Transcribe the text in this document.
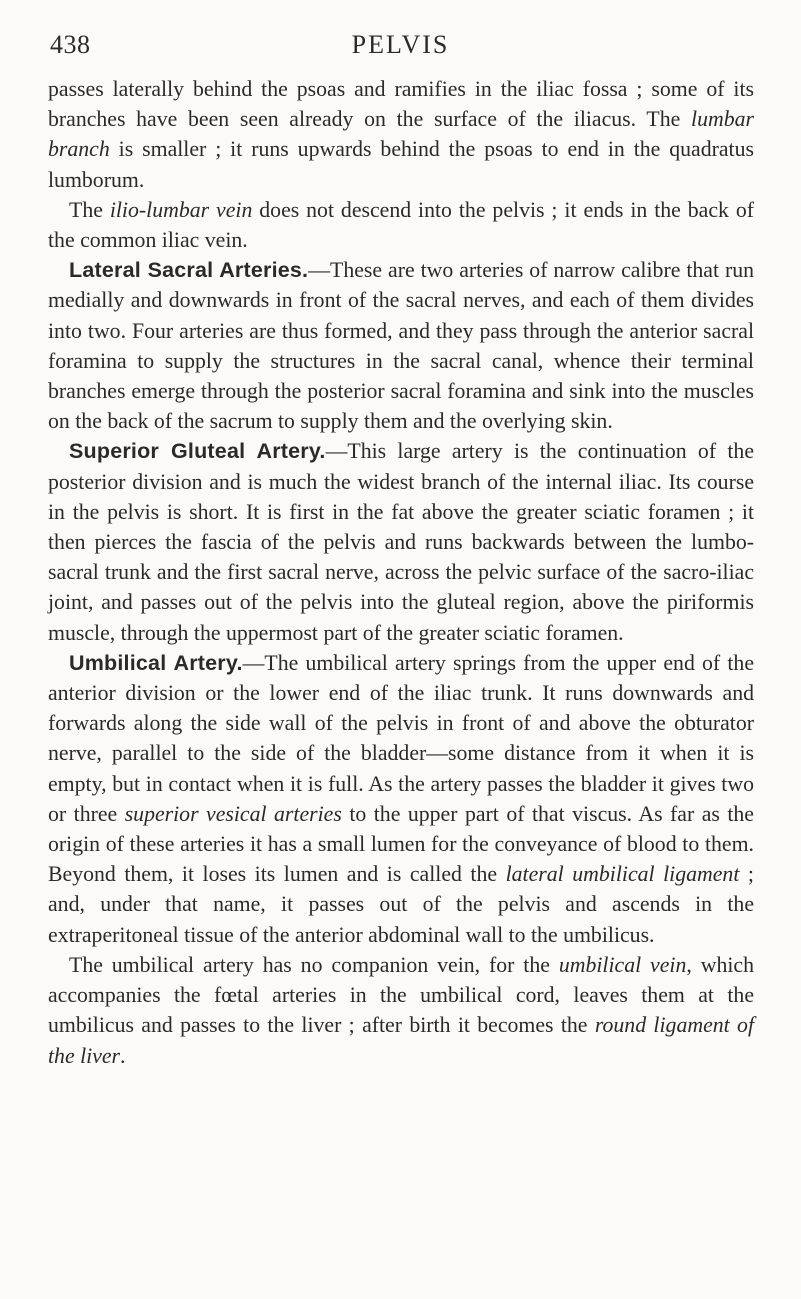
438	PELVIS

passes laterally behind the psoas and ramifies in the iliac fossa ; some of its branches have been seen already on the surface of the iliacus. The lumbar branch is smaller ; it runs upwards behind the psoas to end in the quadratus lumborum.

The ilio-lumbar vein does not descend into the pelvis ; it ends in the back of the common iliac vein.

Lateral Sacral Arteries.—These are two arteries of narrow calibre that run medially and downwards in front of the sacral nerves, and each of them divides into two. Four arteries are thus formed, and they pass through the anterior sacral foramina to supply the structures in the sacral canal, whence their terminal branches emerge through the posterior sacral foramina and sink into the muscles on the back of the sacrum to supply them and the overlying skin.

Superior Gluteal Artery.—This large artery is the continuation of the posterior division and is much the widest branch of the internal iliac. Its course in the pelvis is short. It is first in the fat above the greater sciatic foramen ; it then pierces the fascia of the pelvis and runs backwards between the lumbo-sacral trunk and the first sacral nerve, across the pelvic surface of the sacro-iliac joint, and passes out of the pelvis into the gluteal region, above the piriformis muscle, through the uppermost part of the greater sciatic foramen.

Umbilical Artery.—The umbilical artery springs from the upper end of the anterior division or the lower end of the iliac trunk. It runs downwards and forwards along the side wall of the pelvis in front of and above the obturator nerve, parallel to the side of the bladder—some distance from it when it is empty, but in contact when it is full. As the artery passes the bladder it gives two or three superior vesical arteries to the upper part of that viscus. As far as the origin of these arteries it has a small lumen for the conveyance of blood to them. Beyond them, it loses its lumen and is called the lateral umbilical ligament ; and, under that name, it passes out of the pelvis and ascends in the extraperitoneal tissue of the anterior abdominal wall to the umbilicus.

The umbilical artery has no companion vein, for the umbilical vein, which accompanies the fœtal arteries in the umbilical cord, leaves them at the umbilicus and passes to the liver ; after birth it becomes the round ligament of the liver.
